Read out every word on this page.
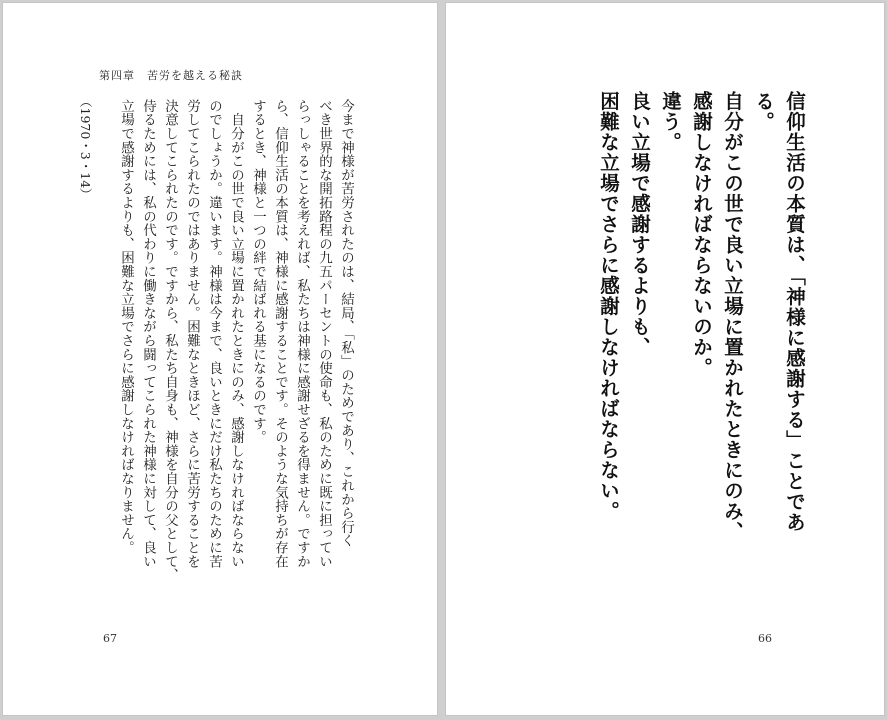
第四章　苦労を越える秘訣
今まで神様が苦労されたのは、結局、「私」のためであり、これから行く
べき世界的な開拓路程の九五パーセントの使命も、私のために既に担ってい
らっしゃることを考えれば、私たちは神様に感謝せざるを得ません。ですか
ら、信仰生活の本質は、神様に感謝することです。そのような気持ちが存在
するとき、神様と一つの絆で結ばれる基になるのです。
　自分がこの世で良い立場に置かれたときにのみ、感謝しなければならない
のでしょうか。違います。神様は今まで、良いときにだけ私たちのために苦
労してこられたのではありません。困難なときほど、さらに苦労することを
決意してこられたのです。ですから、私たち自身も、神様を自分の父として、
侍るためには、私の代わりに働きながら闘ってこられた神様に対して、良い
立場で感謝するよりも、困難な立場でさらに感謝しなければなりません。
（1970・3・14）
67
信仰生活の本質は、「神様に感謝する」ことである。
自分がこの世で良い立場に置かれたときにのみ、
感謝しなければならないのか。
違う。
良い立場で感謝するよりも、
困難な立場でさらに感謝しなければならない。
66
